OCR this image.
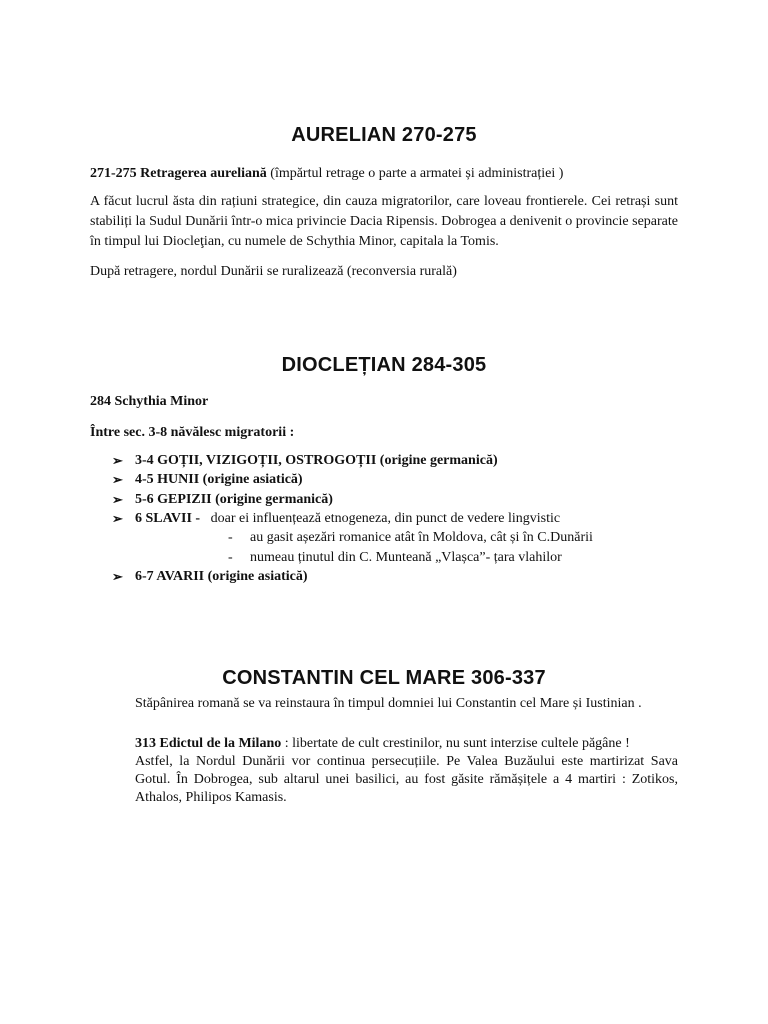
AURELIAN 270-275

271-275 Retragerea aureliană (împărtul retrage o parte a armatei și administrației )

A făcut lucrul ăsta din rațiuni strategice, din cauza migratorilor, care loveau frontierele. Cei retrași sunt stabiliți la Sudul Dunării într-o mica privincie Dacia Ripensis. Dobrogea a denivenit o provincie separate în timpul lui Diocleţian, cu numele de Schythia Minor, capitala la Tomis.

După retragere, nordul Dunării se ruralizează (reconversia rurală)

DIOCLEȚIAN 284-305

284 Schythia Minor

Între sec. 3-8 năvălesc migratorii :

➢ 3-4 GOȚII, VIZIGOȚII, OSTROGOȚII (origine germanică)
➢ 4-5 HUNII (origine asiatică)
➢ 5-6 GEPIZII (origine germanică)
➢ 6 SLAVII -   doar ei influențează etnogeneza, din punct de vedere lingvistic
➢ 6-7 AVARII (origine asiatică)
- au gasit așezări romanice atât în Moldova, cât și în C.Dunării
- numeau ținutul din C. Munteană „Vlașca”- țara vlahilor
CONSTANTIN CEL MARE 306-337

Stăpânirea romană se va reinstaura în timpul domniei lui Constantin cel Mare și Iustinian .

313 Edictul de la Milano : libertate de cult crestinilor, nu sunt interzise cultele păgâne !

Astfel, la Nordul Dunării vor continua persecuțiile. Pe Valea Buzăului este martirizat Sava Gotul. În Dobrogea, sub altarul unei basilici, au fost găsite rămășițele a 4 martiri : Zotikos, Athalos, Philipos Kamasis.
